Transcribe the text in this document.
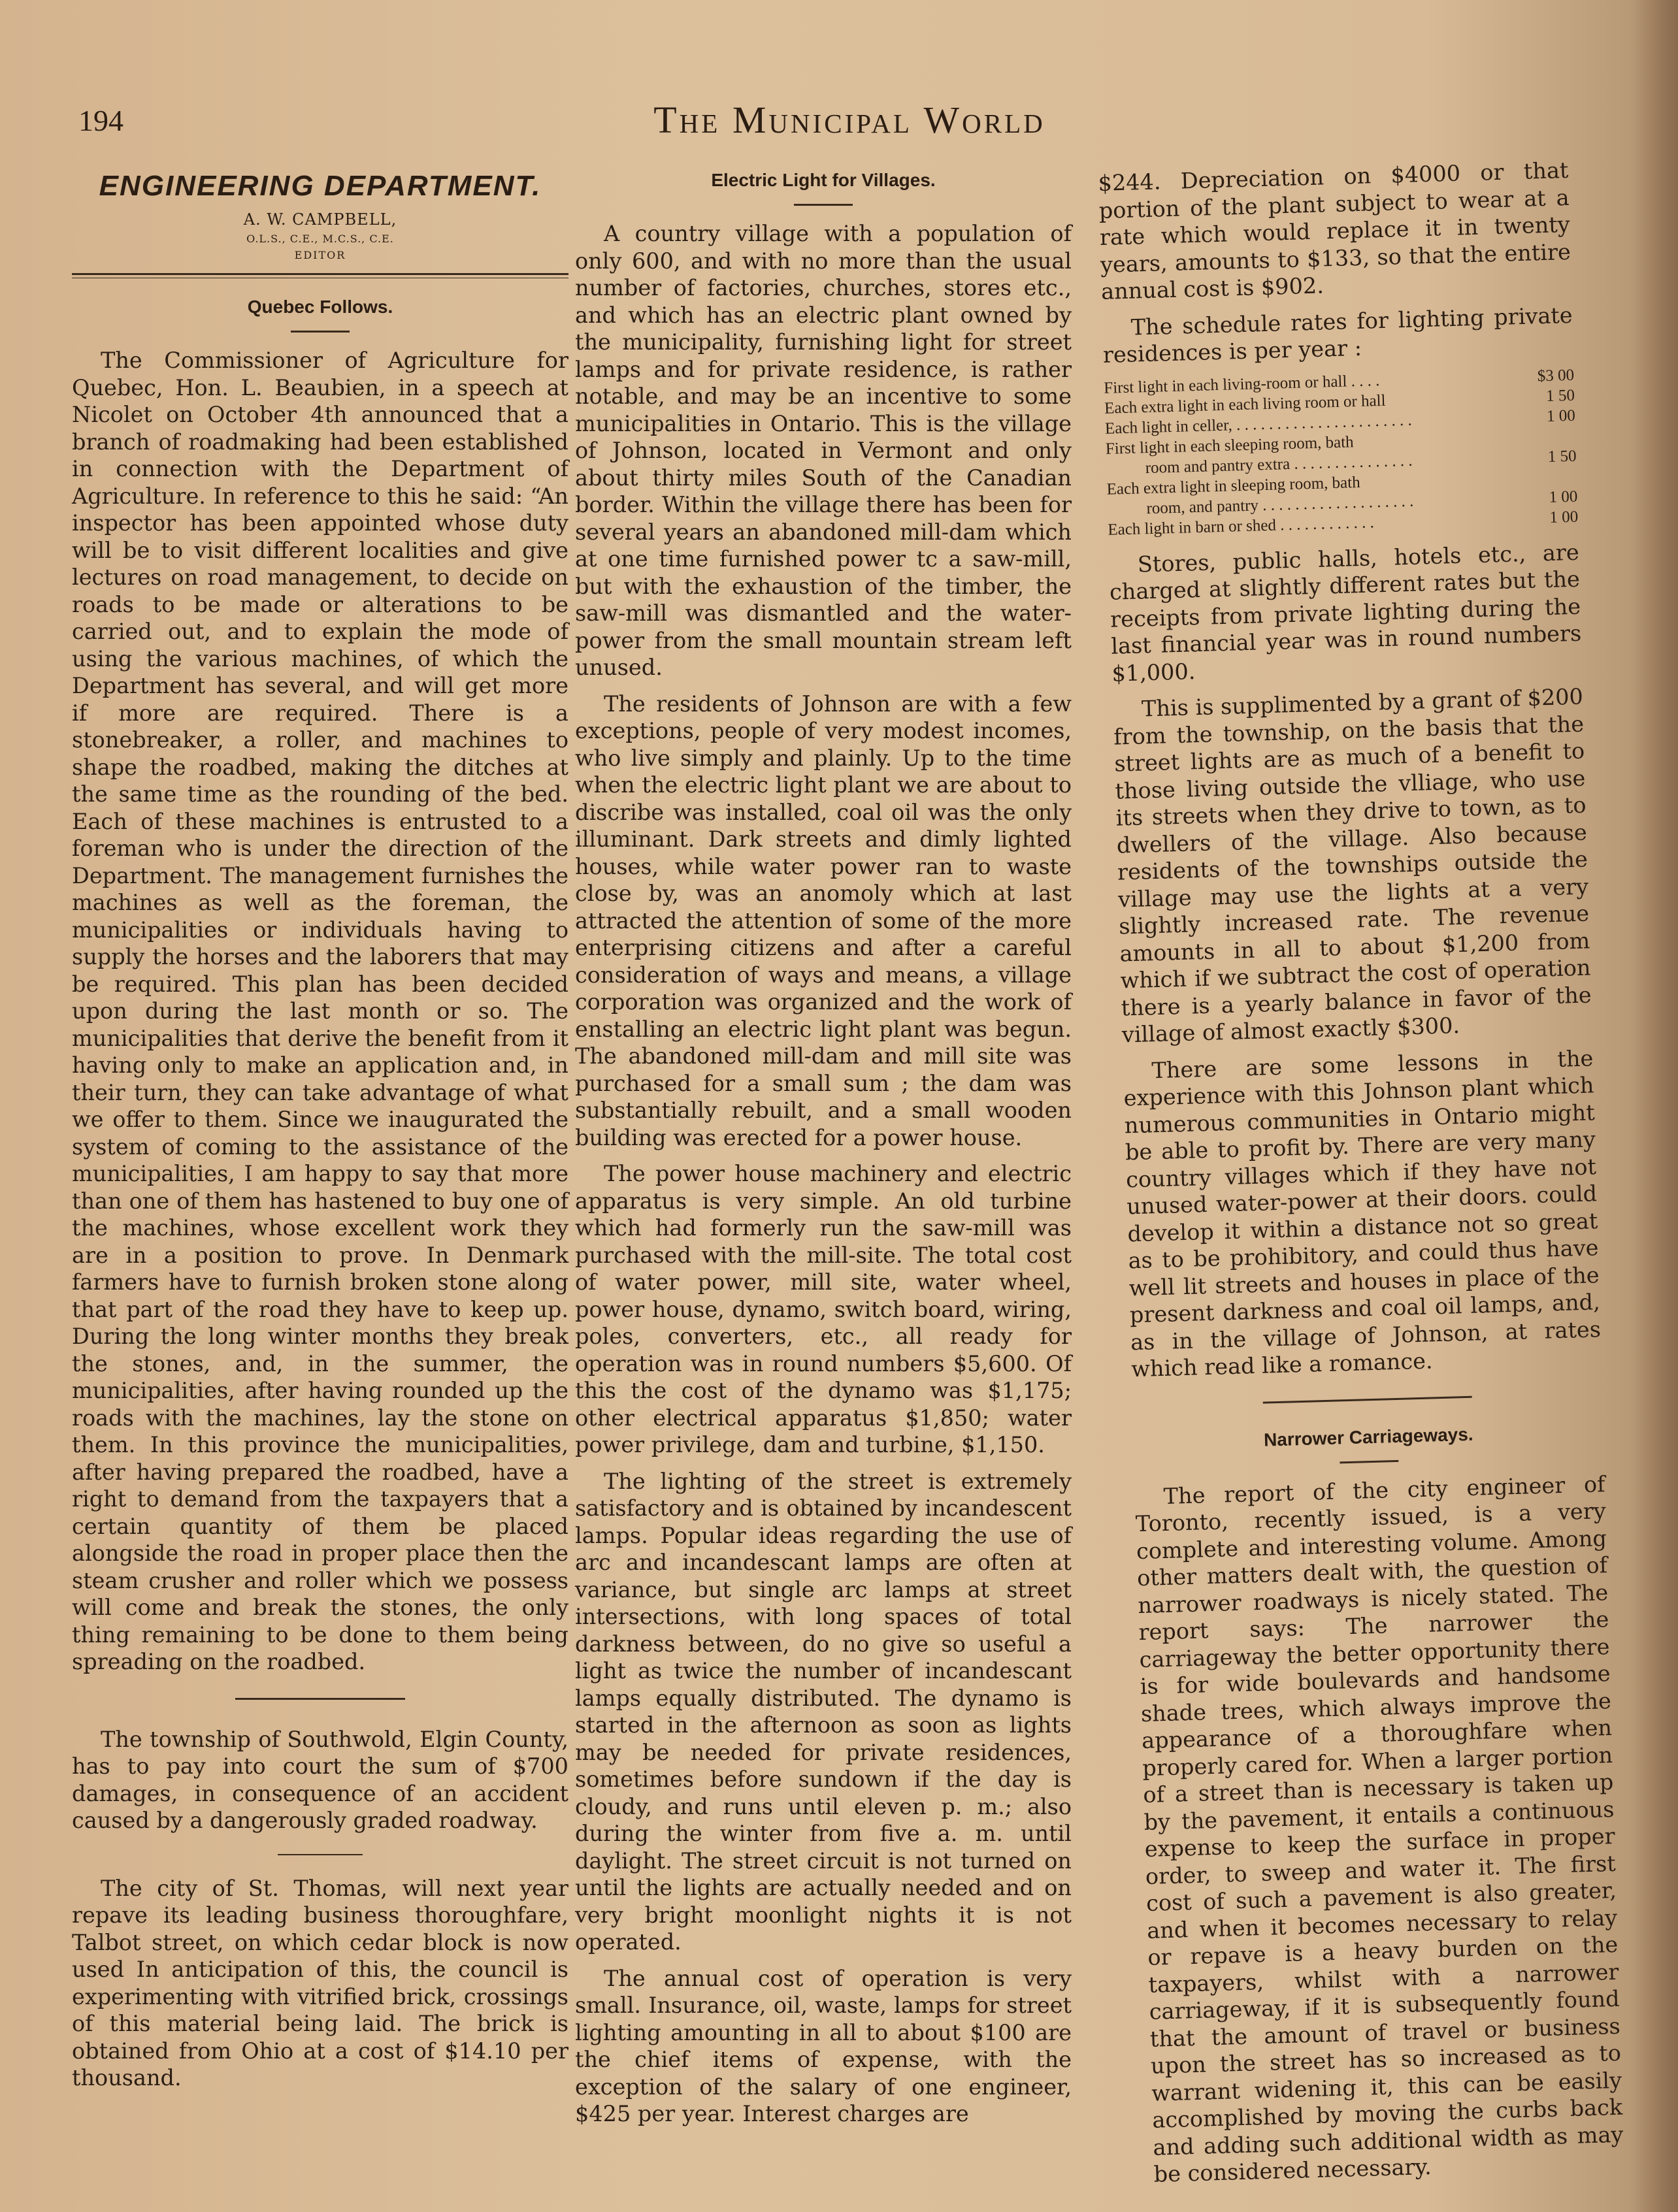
194	The Municipal World
ENGINEERING DEPARTMENT.
A. W. CAMPBELL,
O.L.S., C.E., M.C.S., C.E.
EDITOR
Quebec Follows.

The Commissioner of Agriculture for Quebec, Hon. L. Beaubien, in a speech at Nicolet on October 4th announced that a branch of roadmaking had been established in connection with the Department of Agriculture. In reference to this he said: “An inspector has been appointed whose duty will be to visit different localities and give lectures on road management, to decide on roads to be made or alterations to be carried out, and to explain the mode of using the various machines, of which the Department has several, and will get more if more are required. There is a stonebreaker, a roller, and machines to shape the roadbed, making the ditches at the same time as the rounding of the bed. Each of these machines is entrusted to a foreman who is under the direction of the Department. The management furnishes the machines as well as the foreman, the municipalities or individuals having to supply the horses and the laborers that may be required. This plan has been decided upon during the last month or so. The municipalities that derive the benefit from it having only to make an application and, in their turn, they can take advantage of what we offer to them. Since we inaugurated the system of coming to the assistance of the municipalities, I am happy to say that more than one of them has hastened to buy one of the machines, whose excellent work they are in a position to prove. In Denmark farmers have to furnish broken stone along that part of the road they have to keep up. During the long winter months they break the stones, and, in the summer, the municipalities, after having rounded up the roads with the machines, lay the stone on them. In this province the municipalities, after having prepared the roadbed, have a right to demand from the taxpayers that a certain quantity of them be placed alongside the road in proper place then the steam crusher and roller which we possess will come and break the stones, the only thing remaining to be done to them being spreading on the roadbed.

The township of Southwold, Elgin County, has to pay into court the sum of $700 damages, in consequence of an accident caused by a dangerously graded roadway.

The city of St. Thomas, will next year repave its leading business thoroughfare, Talbot street, on which cedar block is now used In anticipation of this, the council is experimenting with vitrified brick, crossings of this material being laid. The brick is obtained from Ohio at a cost of $14.10 per thousand.

Electric Light for Villages.

A country village with a population of only 600, and with no more than the usual number of factories, churches, stores etc., and which has an electric plant owned by the municipality, furnishing light for street lamps and for private residence, is rather notable, and may be an incentive to some municipalities in Ontario. This is the village of Johnson, located in Vermont and only about thirty miles South of the Canadian border. Within the village there has been for several years an abandoned mill-dam which at one time furnished power tc a saw-mill, but with the exhaustion of the timber, the saw-mill was dismantled and the water-power from the small mountain stream left unused.

The residents of Johnson are with a few exceptions, people of very modest incomes, who live simply and plainly. Up to the time when the electric light plant we are about to discribe was installed, coal oil was the only illuminant. Dark streets and dimly lighted houses, while water power ran to waste close by, was an anomoly which at last attracted the attention of some of the more enterprising citizens and after a careful consideration of ways and means, a village corporation was organized and the work of enstalling an electric light plant was begun. The abandoned mill-dam and mill site was purchased for a small sum ; the dam was substantially rebuilt, and a small wooden building was erected for a power house.

The power house machinery and electric apparatus is very simple. An old turbine which had formerly run the saw-mill was purchased with the mill-site. The total cost of water power, mill site, water wheel, power house, dynamo, switch board, wiring, poles, converters, etc., all ready for operation was in round numbers $5,600. Of this the cost of the dynamo was $1,175; other electrical apparatus $1,850; water power privilege, dam and turbine, $1,150.

The lighting of the street is extremely satisfactory and is obtained by incandescent lamps. Popular ideas regarding the use of arc and incandescant lamps are often at variance, but single arc lamps at street intersections, with long spaces of total darkness between, do no give so useful a light as twice the number of incandescant lamps equally distributed. The dynamo is started in the afternoon as soon as lights may be needed for private residences, sometimes before sundown if the day is cloudy, and runs until eleven p. m.; also during the winter from five a. m. until daylight. The street circuit is not turned on until the lights are actually needed and on very bright moonlight nights it is not operated.

The annual cost of operation is very small. Insurance, oil, waste, lamps for street lighting amounting in all to about $100 are the chief items of expense, with the exception of the salary of one engineer, $425 per year. Interest charges are

$244. Depreciation on $4000 or that portion of the plant subject to wear at a rate which would replace it in twenty years, amounts to $133, so that the entire annual cost is $902.

The schedule rates for lighting private residences is per year :

First light in each living-room or hall . . . .	$3 00
Each extra light in each living room or hall	1 50
Each light in celler, . . . . . . . . . . . . . . . . . . . . . .	1 00
First light in each sleeping room, bath
room and pantry extra . . . . . . . . . . . . . . .	1 50
Each extra light in sleeping room, bath
room, and pantry . . . . . . . . . . . . . . . . . . .	1 00
Each light in barn or shed . . . . . . . . . . . .	1 00

Stores, public halls, hotels etc., are charged at slightly different rates but the receipts from private lighting during the last financial year was in round numbers $1,000.

This is supplimented by a grant of $200 from the township, on the basis that the street lights are as much of a benefit to those living outside the vlliage, who use its streets when they drive to town, as to dwellers of the village. Also because residents of the townships outside the village may use the lights at a very slightly increased rate. The revenue amounts in all to about $1,200 from which if we subtract the cost of operation there is a yearly balance in favor of the village of almost exactly $300.

There are some lessons in the experience with this Johnson plant which numerous communities in Ontario might be able to profit by. There are very many country villages which if they have not unused water-power at their doors. could develop it within a distance not so great as to be prohibitory, and could thus have well lit streets and houses in place of the present darkness and coal oil lamps, and, as in the village of Johnson, at rates which read like a romance.

Narrower Carriageways.

The report of the city engineer of Toronto, recently issued, is a very complete and interesting volume. Among other matters dealt with, the question of narrower roadways is nicely stated. The report says: The narrower the carriageway the better opportunity there is for wide boulevards and handsome shade trees, which always improve the appearance of a thoroughfare when properly cared for. When a larger portion of a street than is necessary is taken up by the pavement, it entails a continuous expense to keep the surface in proper order, to sweep and water it. The first cost of such a pavement is also greater, and when it becomes necessary to relay or repave is a heavy burden on the taxpayers, whilst with a narrower carriageway, if it is subsequently found that the amount of travel or business upon the street has so increased as to warrant widening it, this can be easily accomplished by moving the curbs back and adding such additional width as may be considered necessary.
